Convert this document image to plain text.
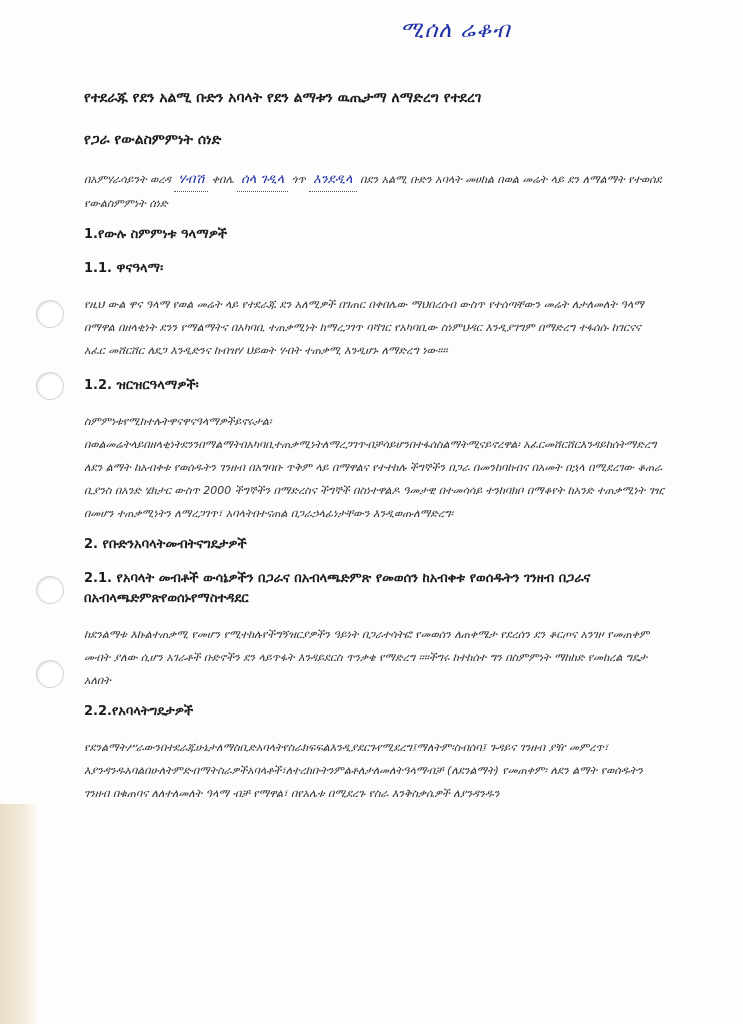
ሚሰለ ሬቆብ
የተደራጁ የደን አልሚ ቡድን አባላት የደን ልማቱን ዉጤታማ ለማድረግ የተደረገ
የጋራ የውልስምምነት ሰነድ
በአምሃራሳይንት ወረዳ ሃብሽ ቀበሌ ሰላ ገዲላ ጎጥ እንደዲላ በደን አልሚ ቡድን አባላት መሀከል በወል መሬት ላይ ደን ለማልማት የተወሰደ የውልስምምነት ሰነድ
1.የውሉ ስምምነቱ ዓላማዎች
1.1. ዋናዓላማ፡
የዚህ ውል ዋና ዓላማ የወል መሬት ላይ የተደራጁ ደን አለሚዎች በገጠር በቀበሌው ማህበረሰብ ውስጥ የተሰጣቸውን መሬት ለታለመለት ዓላማ በማዋል በዘላቂነት ደንን የማልማትና በአካባቢ ተጠቃሚነት ከማረጋገጥ ባሻገር የአካባቢው ስነምህዳር እንዲያገግም በማድረግ ተፋሰሱ ከገርናና አፈር መሸርሸር ለደጋ እንዲድንና ከብዝሃ ህይወት ሃብት ተጠቃሚ እንዲሆኑ ለማድረግ ነው።።
1.2. ዝርዝርዓላማዎች፡
ስምምነቱየሚከተሉትዋናዋናዓላማዎችይኖሩታል፡ በወልመሬትላይበዘላቂነትደንንበማልማትበአካባቢተጠቃሚነትለማረጋገጥብቻሳይሆንበተፋሰስልማትሚናይኖረዋል፡ አፈርመሸርሸርእንዳይከሰትማድረግ ለደን ልማት ከአብቀቱ የወሰዱትን ገንዘብ በአግባቡ ጥቅም ላይ በማዋልና የተተከሉ ችግኞችን በጋራ በመንከባከብና በአመት በኋላ በሚደረገው ቆጠራ ቢያንስ በአንድ ሄክታር ውስጥ 2000 ችግኞችን በማድረስና ችግኞች በስነተዋልዶ ዓመታዊ በተመሳሳይ ተንከባክቦ በማቆየት ከአንድ ተጠቃሚነት ገዢ በመሆን ተጠቃሚነትን ለማረጋገጥ፣ አባላትበተናጠል በጋራኃላፊነታቸውን እንዲወጡለማድረግ፡
2. የቡድንአባላትመብትናግዴታዎች
2.1. የአባላት መብቶች ውሳኔዎችን በጋራና በአብላጫድምጽ የመወሰን ከአብቀቱ የወሰዱትን ገንዘብ በጋራና በአብላጫድምጽየወሰኑየማስተዳደር
ከደንልማቱ እኩልተጠቃሚ የመሆን የሚተከሉየችግኝዝርያዎችን ዓይነት በጋራተሳትፎ የመወሰን ለጠቀሜታ የደረሰን ደን ቆርጦና አንገዞ የመጠቀም መብት ያለው ሲሆን አገራቶች ቡድኖችን ደን ላይጥፋት እንዳይደርስ ጥንቃቄ የማድረግ ።።ችግሩ ከተከሰተ ግን በስምምነት ማከከድ የመከረል ግዴታ አለበት
2.2.የአባላትግዴታዎች
የደንልማትሥራውንበተደራጁሁኔታለማስቢድአባላትየስራክፍፍልእንዲያደርጉየሚደረግ፤ማለትም፡ስብሰባ፤ ጉዳይና ገንዘብ ያዥ መምረጥ፣ እያንዳንዱአባልበሁለትምድብማትስራዎችአባላቶች፣ለተረከቡትንምልቶለታለመለትዓላማብቻ (ለደንልማት) የመጠቀም፡ ለደን ልማት የወሰዱትን ገንዘብ በቁጠባና ለለተለመለት ዓላማ ብቻ የማዋል፣ በየአሌቱ በሚደረጉ የስራ እንቅስቃሴዎች ለያንዳንዱን
